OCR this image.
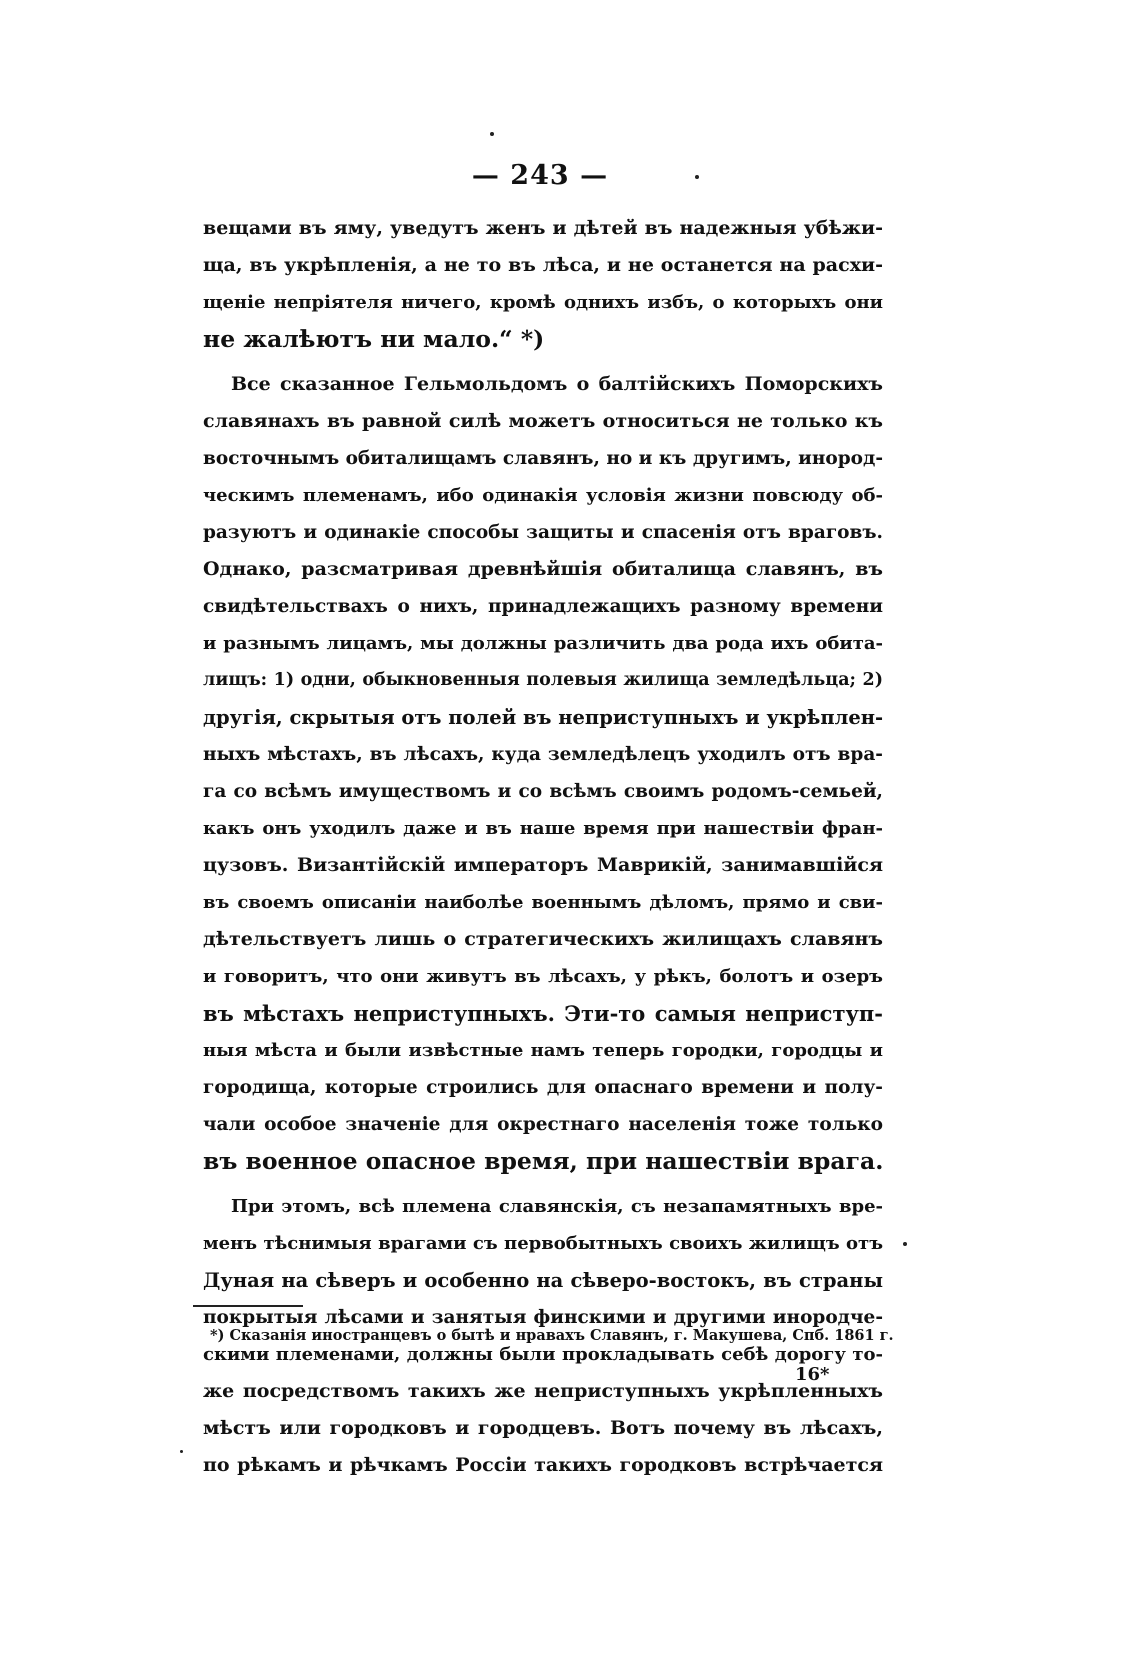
— 243 —
вещами въ яму, уведутъ женъ и дѣтей въ надежныя убѣжи-
ща, въ укрѣпленія, а не то въ лѣса, и не останется на расхи-
щеніе непріятеля ничего, кромѣ однихъ избъ, о которыхъ они
не жалѣютъ ни мало.“ *)
Все сказанное Гельмольдомъ о балтійскихъ Поморскихъ
славянахъ въ равной силѣ можетъ относиться не только къ
восточнымъ обиталищамъ славянъ, но и къ другимъ, инород-
ческимъ племенамъ, ибо одинакія условія жизни повсюду об-
разуютъ и одинакіе способы защиты и спасенія отъ враговъ.
Однако, разсматривая древнѣйшія обиталища славянъ, въ
свидѣтельствахъ о нихъ, принадлежащихъ разному времени
и разнымъ лицамъ, мы должны различить два рода ихъ обита-
лищъ: 1) одни, обыкновенныя полевыя жилища земледѣльца; 2)
другія, скрытыя отъ полей въ неприступныхъ и укрѣплен-
ныхъ мѣстахъ, въ лѣсахъ, куда земледѣлецъ уходилъ отъ вра-
га со всѣмъ имуществомъ и со всѣмъ своимъ родомъ-семьей,
какъ онъ уходилъ даже и въ наше время при нашествіи фран-
цузовъ. Византійскій императоръ Маврикій, занимавшійся
въ своемъ описаніи наиболѣе военнымъ дѣломъ, прямо и сви-
дѣтельствуетъ лишь о стратегическихъ жилищахъ славянъ
и говоритъ, что они живутъ въ лѣсахъ, у рѣкъ, болотъ и озеръ
въ мѣстахъ неприступныхъ. Эти-то самыя неприступ-
ныя мѣста и были извѣстные намъ теперь городки, городцы и
городища, которые строились для опаснаго времени и полу-
чали особое значеніе для окрестнаго населенія тоже только
въ военное опасное время, при нашествіи врага.
При этомъ, всѣ племена славянскія, съ незапамятныхъ вре-
менъ тѣснимыя врагами съ первобытныхъ своихъ жилищъ отъ
Дуная на сѣверъ и особенно на сѣверо-востокъ, въ страны
покрытыя лѣсами и занятыя финскими и другими инородче-
скими племенами, должны были прокладывать себѣ дорогу то-
же посредствомъ такихъ же неприступныхъ укрѣпленныхъ
мѣстъ или городковъ и городцевъ. Вотъ почему въ лѣсахъ,
по рѣкамъ и рѣчкамъ Россіи такихъ городковъ встрѣчается
*) Сказанія иностранцевъ о бытѣ и нравахъ Славянъ, г. Макушева, Спб. 1861 г.
16*
